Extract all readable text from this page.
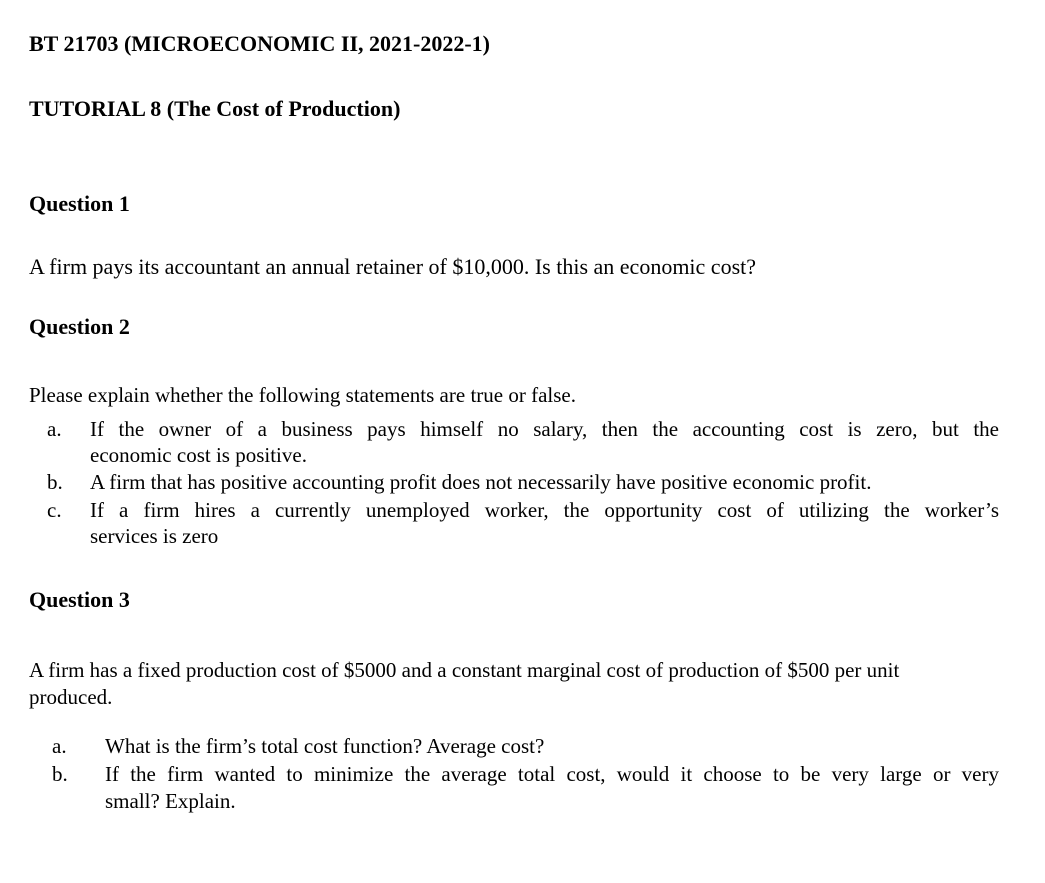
BT 21703 (MICROECONOMIC II, 2021-2022-1)
TUTORIAL 8 (The Cost of Production)
Question 1
A firm pays its accountant an annual retainer of $10,000. Is this an economic cost?
Question 2
Please explain whether the following statements are true or false.
a. If the owner of a business pays himself no salary, then the accounting cost is zero, but the
economic cost is positive.
b. A firm that has positive accounting profit does not necessarily have positive economic profit.
c. If a firm hires a currently unemployed worker, the opportunity cost of utilizing the worker’s
services is zero
Question 3
A firm has a fixed production cost of $5000 and a constant marginal cost of production of $500 per unit
produced.
a. What is the firm’s total cost function? Average cost?
b. If the firm wanted to minimize the average total cost, would it choose to be very large or very
small? Explain.
